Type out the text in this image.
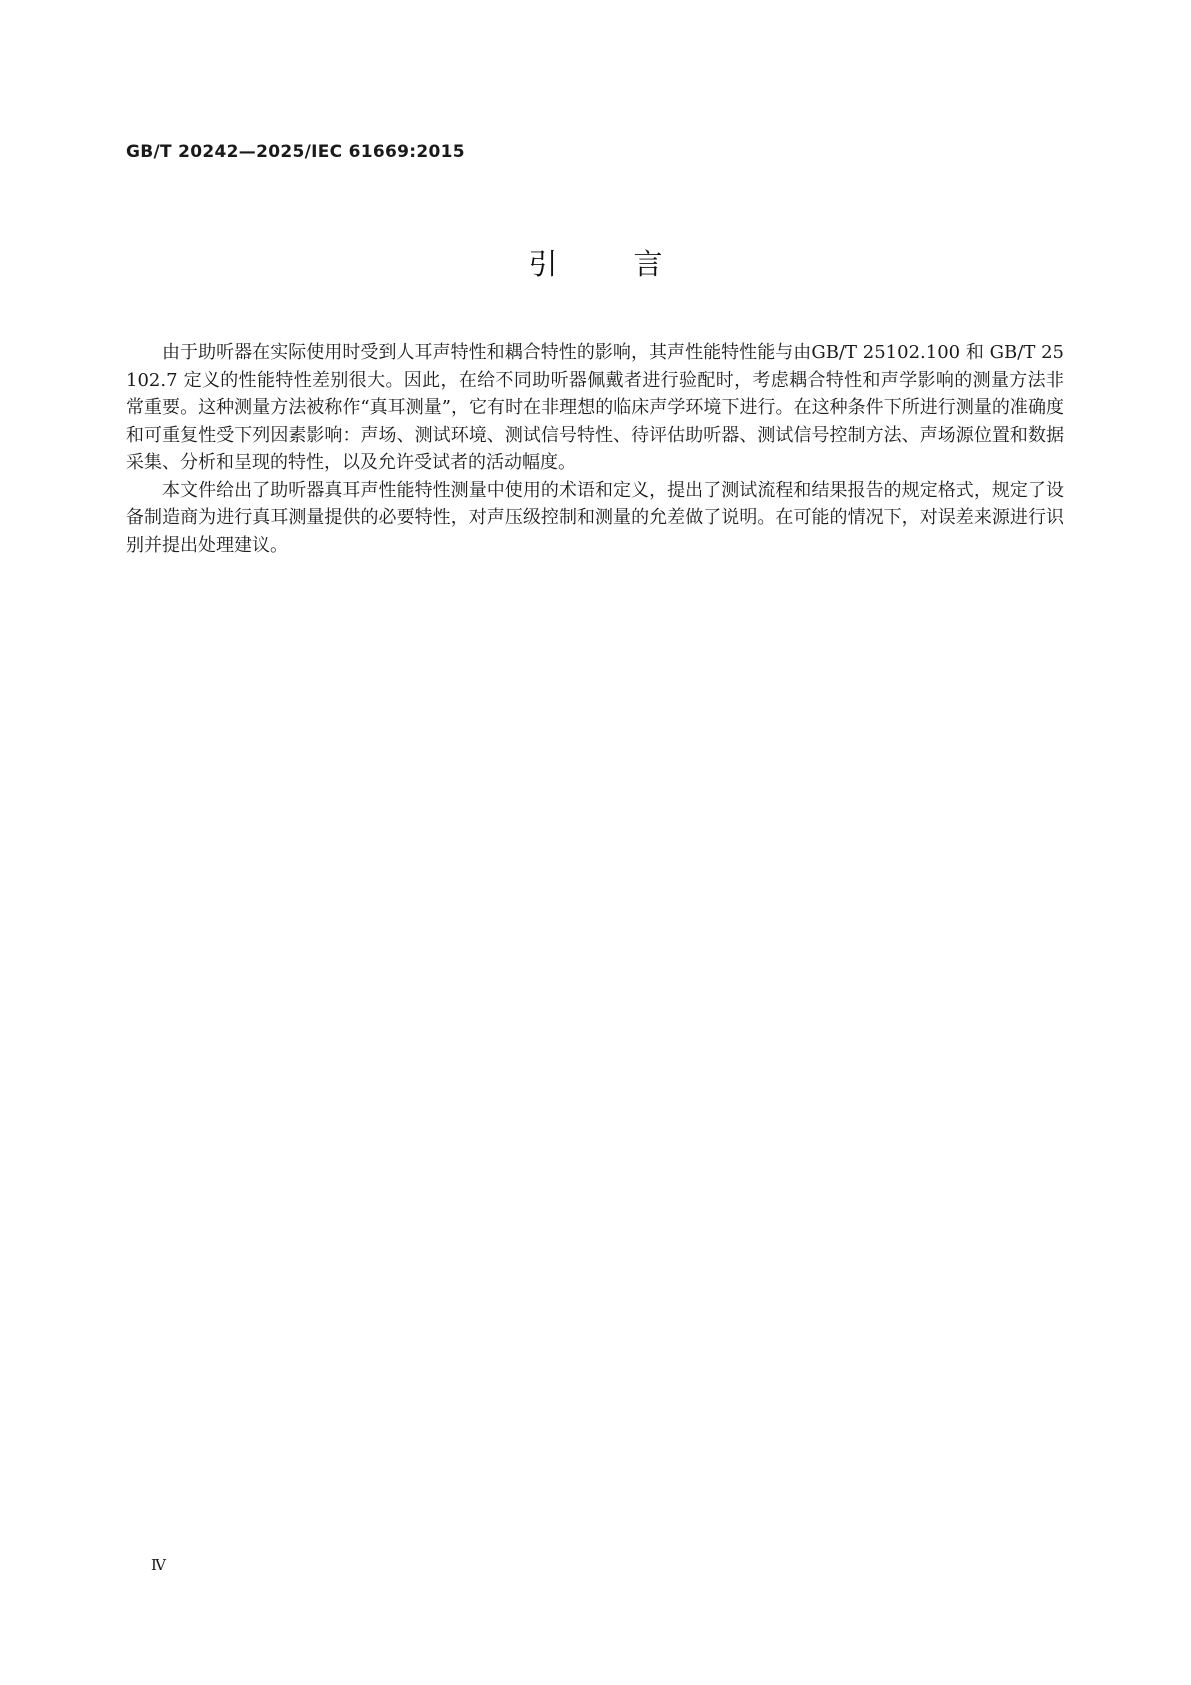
GB/T 20242—2025/IEC 61669:2015
引	言

由于助听器在实际使用时受到人耳声特性和耦合特性的影响，其声性能特性能与由GB/T 25102.100 和 GB/T 25102.7 定义的性能特性差别很大。因此，在给不同助听器佩戴者进行验配时，考虑耦合特性和声学影响的测量方法非常重要。这种测量方法被称作“真耳测量”，它有时在非理想的临床声学环境下进行。在这种条件下所进行测量的准确度和可重复性受下列因素影响：声场、测试环境、测试信号特性、待评估助听器、测试信号控制方法、声场源位置和数据采集、分析和呈现的特性，以及允许受试者的活动幅度。

本文件给出了助听器真耳声性能特性测量中使用的术语和定义，提出了测试流程和结果报告的规定格式，规定了设备制造商为进行真耳测量提供的必要特性，对声压级控制和测量的允差做了说明。在可能的情况下，对误差来源进行识别并提出处理建议。

Ⅳ
